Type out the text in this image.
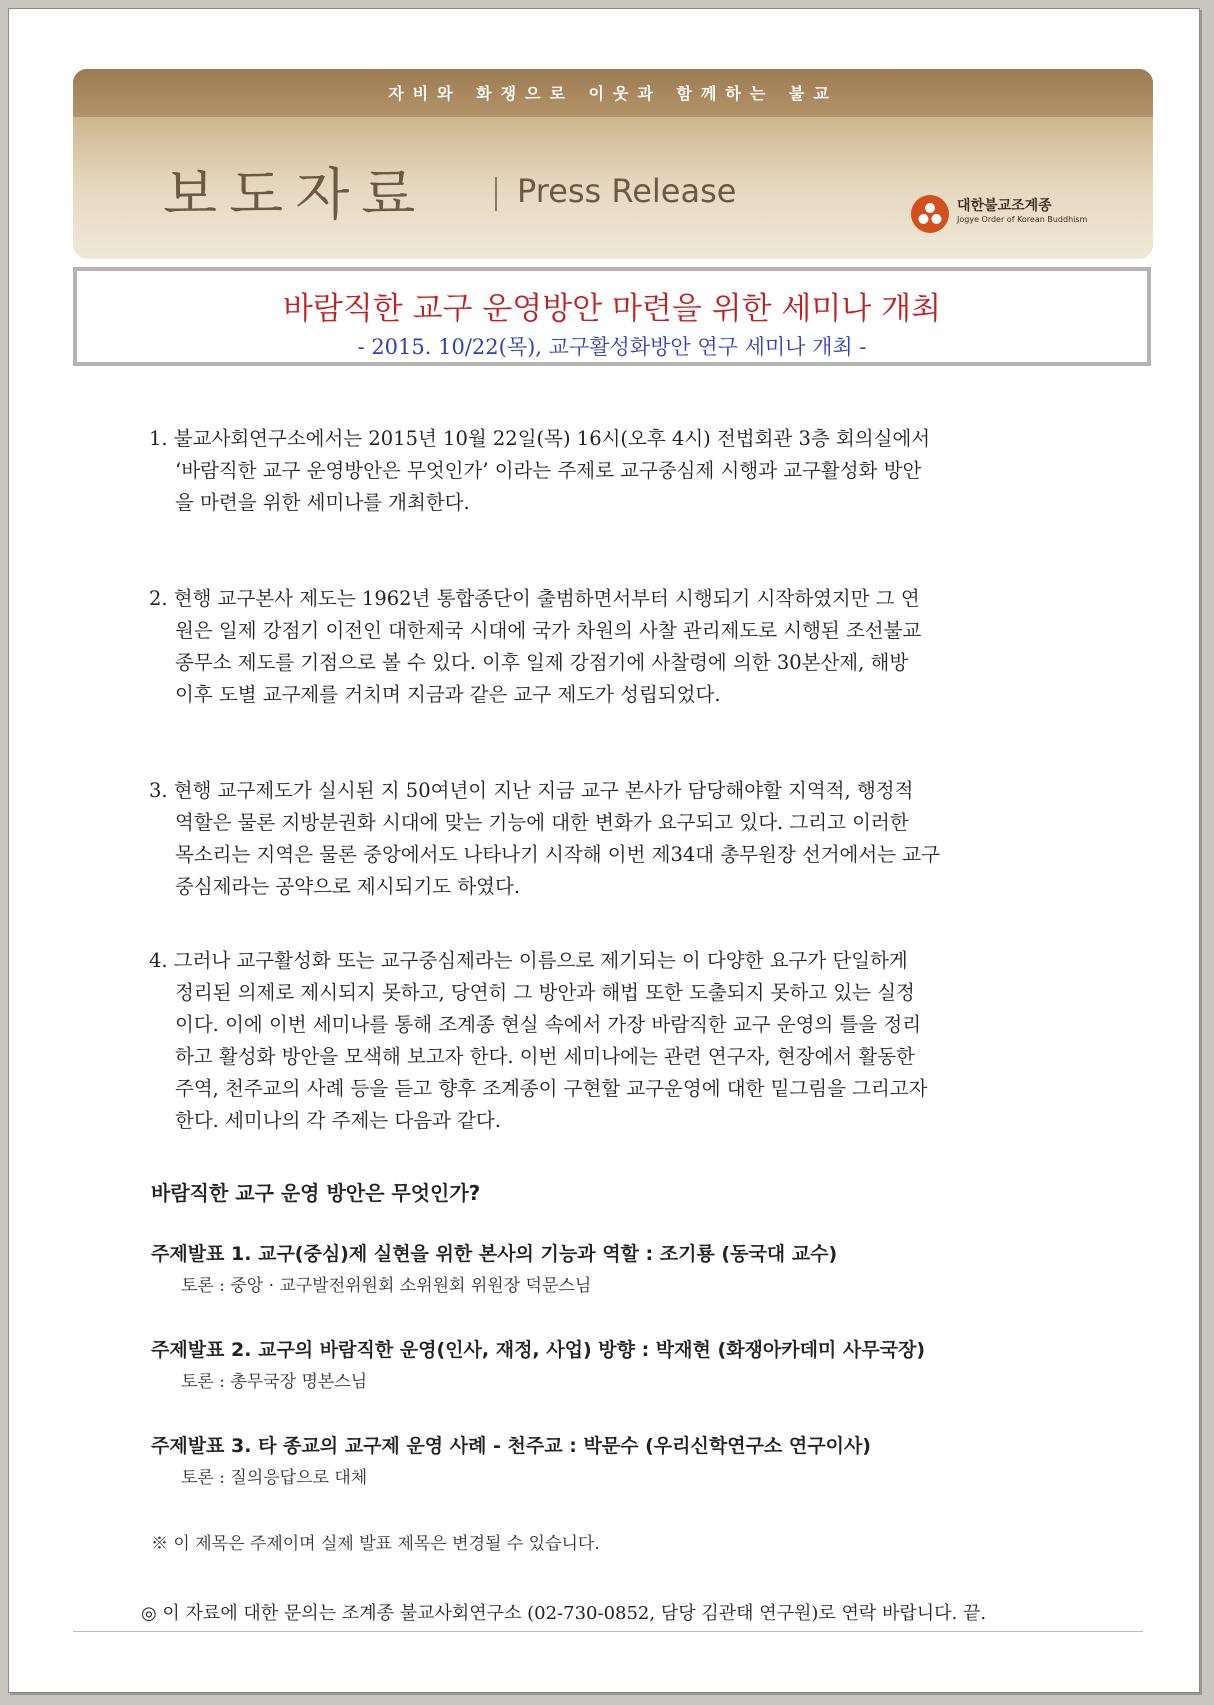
자비와 화쟁으로 이웃과 함께하는 불교
보도자료	Press Release	대한불교조계종
Jogye Order of Korean Buddhism
바람직한 교구 운영방안 마련을 위한 세미나 개최
- 2015. 10/22(목), 교구활성화방안 연구 세미나 개최 -
1. 불교사회연구소에서는 2015년 10월 22일(목) 16시(오후 4시) 전법회관 3층 회의실에서
‘바람직한 교구 운영방안은 무엇인가’ 이라는 주제로 교구중심제 시행과 교구활성화 방안
을 마련을 위한 세미나를 개최한다.
2. 현행 교구본사 제도는 1962년 통합종단이 출범하면서부터 시행되기 시작하였지만 그 연
원은 일제 강점기 이전인 대한제국 시대에 국가 차원의 사찰 관리제도로 시행된 조선불교
종무소 제도를 기점으로 볼 수 있다. 이후 일제 강점기에 사찰령에 의한 30본산제, 해방
이후 도별 교구제를 거치며 지금과 같은 교구 제도가 성립되었다.
3. 현행 교구제도가 실시된 지 50여년이 지난 지금 교구 본사가 담당해야할 지역적, 행정적
역할은 물론 지방분권화 시대에 맞는 기능에 대한 변화가 요구되고 있다. 그리고 이러한
목소리는 지역은 물론 중앙에서도 나타나기 시작해 이번 제34대 총무원장 선거에서는 교구
중심제라는 공약으로 제시되기도 하였다.
4. 그러나 교구활성화 또는 교구중심제라는 이름으로 제기되는 이 다양한 요구가 단일하게
정리된 의제로 제시되지 못하고, 당연히 그 방안과 해법 또한 도출되지 못하고 있는 실정
이다. 이에 이번 세미나를 통해 조계종 현실 속에서 가장 바람직한 교구 운영의 틀을 정리
하고 활성화 방안을 모색해 보고자 한다. 이번 세미나에는 관련 연구자, 현장에서 활동한
주역, 천주교의 사례 등을 듣고 향후 조계종이 구현할 교구운영에 대한 밑그림을 그리고자
한다. 세미나의 각 주제는 다음과 같다.
바람직한 교구 운영 방안은 무엇인가?
주제발표 1. 교구(중심)제 실현을 위한 본사의 기능과 역할 : 조기룡 (동국대 교수)
토론 : 중앙 · 교구발전위원회 소위원회 위원장 덕문스님
주제발표 2. 교구의 바람직한 운영(인사, 재정, 사업) 방향 : 박재현 (화쟁아카데미 사무국장)
토론 : 총무국장 명본스님
주제발표 3. 타 종교의 교구제 운영 사례 - 천주교 : 박문수 (우리신학연구소 연구이사)
토론 : 질의응답으로 대체
※ 이 제목은 주제이며 실제 발표 제목은 변경될 수 있습니다.
◎ 이 자료에 대한 문의는 조계종 불교사회연구소 (02-730-0852, 담당 김관태 연구원)로 연락 바랍니다. 끝.
